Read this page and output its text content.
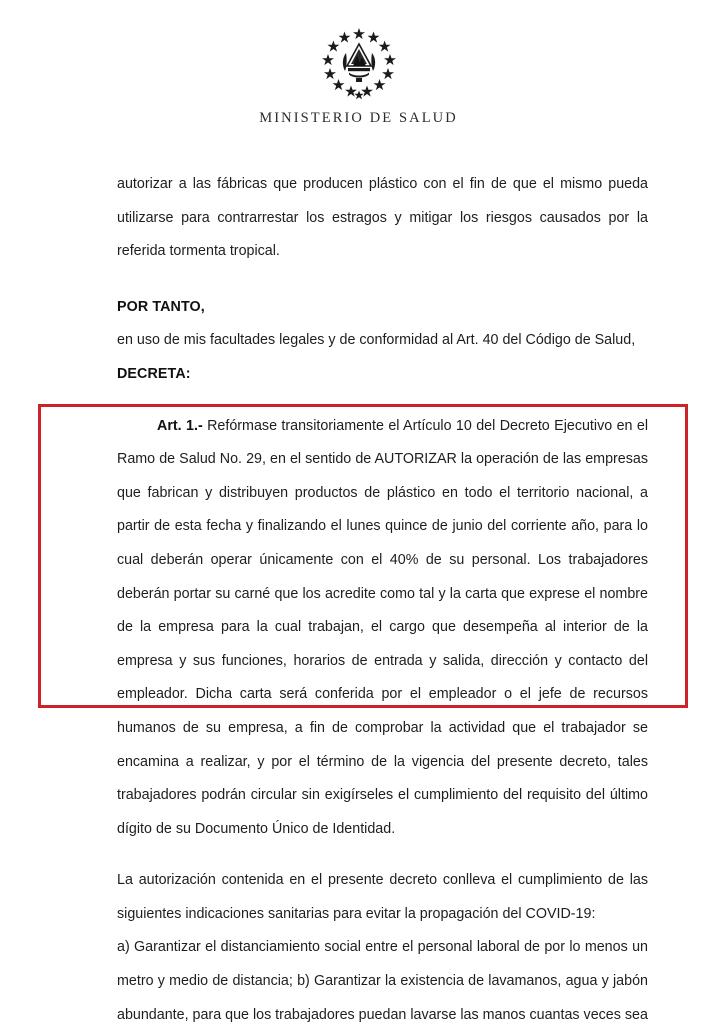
MINISTERIO DE SALUD

autorizar a las fábricas que producen plástico con el fin de que el mismo pueda utilizarse para contrarrestar los estragos y mitigar los riesgos causados por la referida tormenta tropical.

POR TANTO,

en uso de mis facultades legales y de conformidad al Art. 40 del Código de Salud,

DECRETA:

Art. 1.- Refórmase transitoriamente el Artículo 10 del Decreto Ejecutivo en el Ramo de Salud No. 29, en el sentido de AUTORIZAR la operación de las empresas que fabrican y distribuyen productos de plástico en todo el territorio nacional, a partir de esta fecha y finalizando el lunes quince de junio del corriente año, para lo cual deberán operar únicamente con el 40% de su personal. Los trabajadores deberán portar su carné que los acredite como tal y la carta que exprese el nombre de la empresa para la cual trabajan, el cargo que desempeña al interior de la empresa y sus funciones, horarios de entrada y salida, dirección y contacto del empleador. Dicha carta será conferida por el empleador o el jefe de recursos humanos de su empresa, a fin de comprobar la actividad que el trabajador se encamina a realizar, y por el término de la vigencia del presente decreto, tales trabajadores podrán circular sin exigírseles el cumplimiento del requisito del último dígito de su Documento Único de Identidad.

La autorización contenida en el presente decreto conlleva el cumplimiento de las siguientes indicaciones sanitarias para evitar la propagación del COVID-19:

a) Garantizar el distanciamiento social entre el personal laboral de por lo menos un metro y medio de distancia; b) Garantizar la existencia de lavamanos, agua y jabón abundante, para que los trabajadores puedan lavarse las manos cuantas veces sea
